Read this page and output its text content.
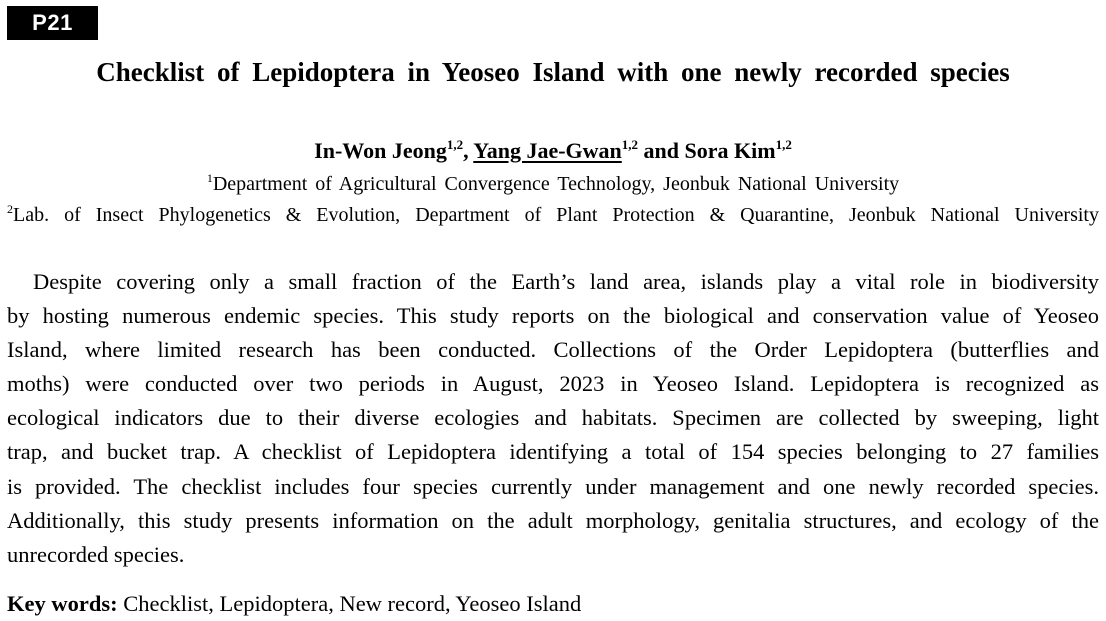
P21
Checklist of Lepidoptera in Yeoseo Island with one newly recorded species
In-Won Jeong$^{1,2}$, Yang Jae-Gwan$^{1,2}$ and Sora Kim$^{1,2}$
$^1$Department of Agricultural Convergence Technology, Jeonbuk National University
$^2$Lab. of Insect Phylogenetics & Evolution, Department of Plant Protection & Quarantine, Jeonbuk National University
Despite covering only a small fraction of the Earth’s land area, islands play a vital role in biodiversity
by hosting numerous endemic species. This study reports on the biological and conservation value of Yeoseo
Island, where limited research has been conducted. Collections of the Order Lepidoptera (butterflies and
moths) were conducted over two periods in August, 2023 in Yeoseo Island. Lepidoptera is recognized as
ecological indicators due to their diverse ecologies and habitats. Specimen are collected by sweeping, light
trap, and bucket trap. A checklist of Lepidoptera identifying a total of 154 species belonging to 27 families
is provided. The checklist includes four species currently under management and one newly recorded species.
Additionally, this study presents information on the adult morphology, genitalia structures, and ecology of the
unrecorded species.
Key words: Checklist, Lepidoptera, New record, Yeoseo Island
